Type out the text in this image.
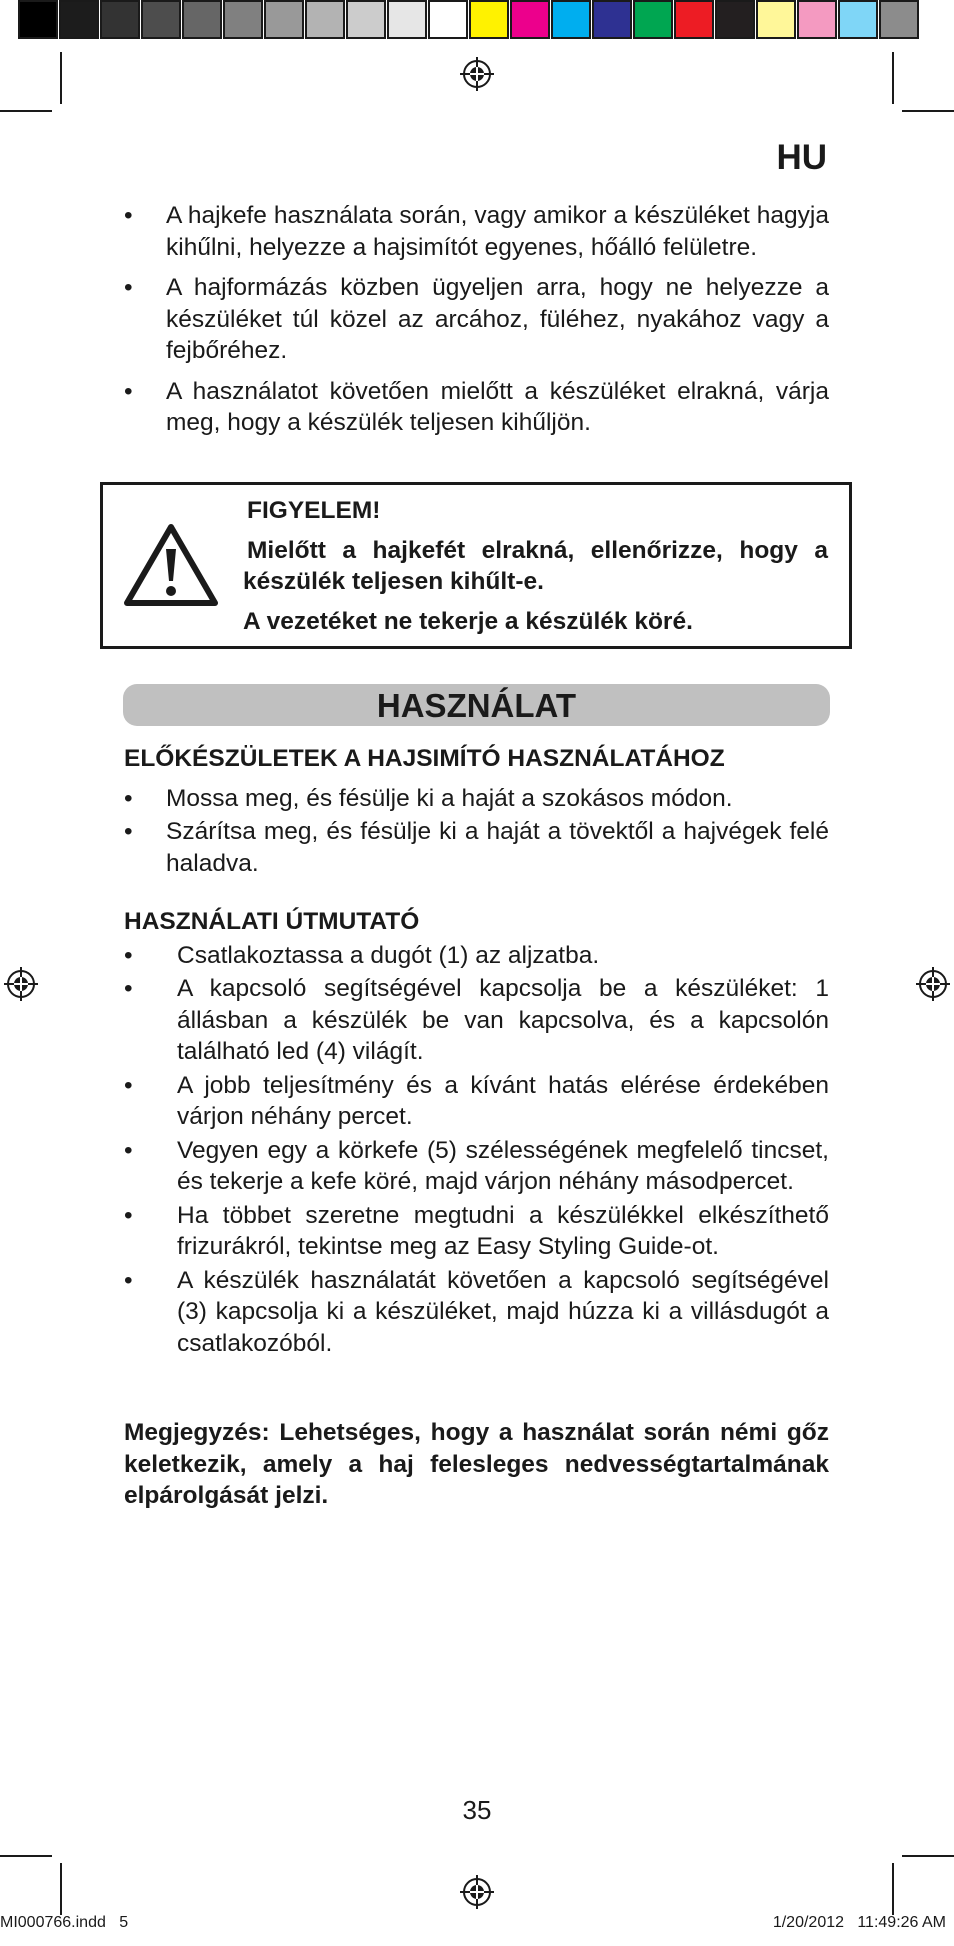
HU
• A hajkefe használata során, vagy amikor a készüléket hagyja kihűlni, helyezze a hajsimítót egyenes, hőálló felületre.
• A hajformázás közben ügyeljen arra, hogy ne helyezze a készüléket túl közel az arcához, füléhez, nyakához vagy a fejbőréhez.
• A használatot követően mielőtt a készüléket elrakná, várja meg, hogy a készülék teljesen kihűljön.

FIGYELEM!

Mielőtt a hajkefét elrakná, ellenőrizze, hogy a készülék teljesen kihűlt-e.

A vezetéket ne tekerje a készülék köré.

HASZNÁLAT

ELŐKÉSZÜLETEK A HAJSIMÍTÓ HASZNÁLATÁHOZ

• Mossa meg, és fésülje ki a haját a szokásos módon.
• Szárítsa meg, és fésülje ki a haját a tövektől a hajvégek felé haladva.

HASZNÁLATI ÚTMUTATÓ

• Csatlakoztassa a dugót (1) az aljzatba.
• A kapcsoló segítségével kapcsolja be a készüléket: 1 állásban a készülék be van kapcsolva, és a kapcsolón található led (4) világít.
• A jobb teljesítmény és a kívánt hatás elérése érdekében várjon néhány percet.
• Vegyen egy a körkefe (5) szélességének megfelelő tincset, és tekerje a kefe köré, majd várjon néhány másodpercet.
• Ha többet szeretne megtudni a készülékkel elkészíthető frizurákról, tekintse meg az Easy Styling Guide-ot.
• A készülék használatát követően a kapcsoló segítségével (3) kapcsolja ki a készüléket, majd húzza ki a villásdugót a csatlakozóból.

Megjegyzés: Lehetséges, hogy a használat során némi gőz keletkezik, amely a haj felesleges nedvességtartalmának elpárolgását jelzi.

35
MI000766.indd   5	1/20/2012   11:49:26 AM
